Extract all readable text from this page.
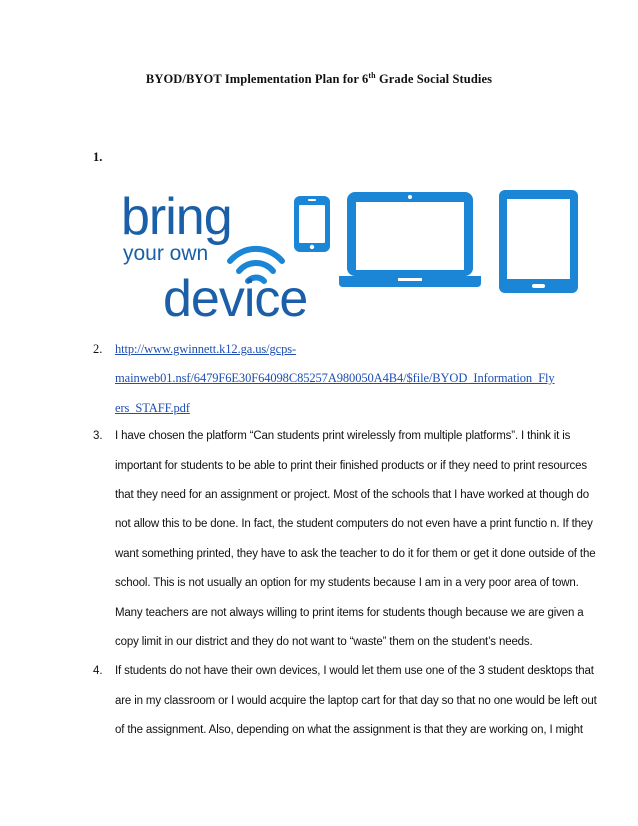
BYOD/BYOT Implementation Plan for 6th Grade Social Studies
1.
bring
your own
device
2. http://www.gwinnett.k12.ga.us/gcps-
mainweb01.nsf/6479F6E30F64098C85257A980050A4B4/$file/BYOD_Information_Fly
ers_STAFF.pdf
3. I have chosen the platform “Can students print wirelessly from multiple platforms”. I think it is
important for students to be able to print their finished products or if they need to print resources
that they need for an assignment or project. Most of the schools that I have worked at though do
not allow this to be done. In fact, the student computers do not even have a print functio n. If they
want something printed, they have to ask the teacher to do it for them or get it done outside of the
school. This is not usually an option for my students because I am in a very poor area of town.
Many teachers are not always willing to print items for students though because we are given a
copy limit in our district and they do not want to “waste” them on the student’s needs.
4. If students do not have their own devices, I would let them use one of the 3 student desktops that
are in my classroom or I would acquire the laptop cart for that day so that no one would be left out
of the assignment. Also, depending on what the assignment is that they are working on, I might
